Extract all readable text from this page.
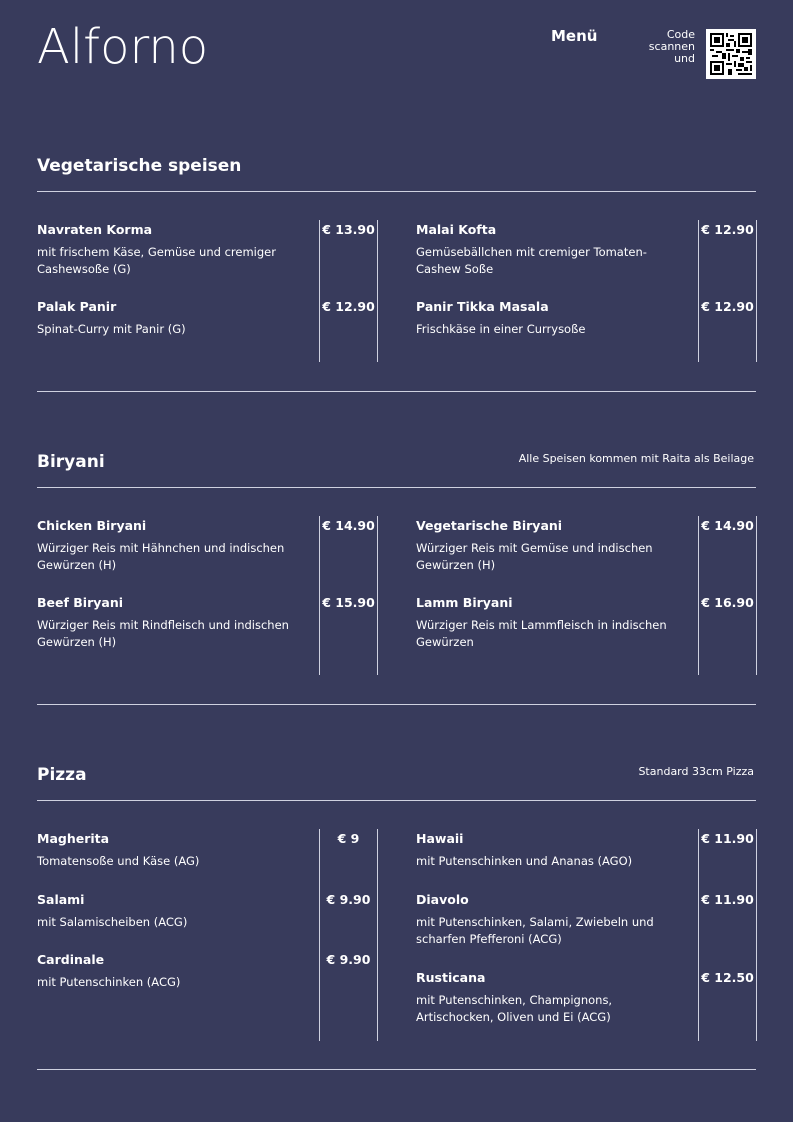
Alforno	Menü	Code
scannen
und
Vegetarische speisen
Navraten Korma	€ 13.90
mit frischem Käse, Gemüse und cremiger Cashewsoße (G)
Palak Panir	€ 12.90
Spinat-Curry mit Panir (G)
Malai Kofta	€ 12.90
Gemüsebällchen mit cremiger Tomaten-Cashew Soße
Panir Tikka Masala	€ 12.90
Frischkäse in einer Currysoße
Biryani	Alle Speisen kommen mit Raita als Beilage
Chicken Biryani	€ 14.90
Würziger Reis mit Hähnchen und indischen Gewürzen (H)
Beef Biryani	€ 15.90
Würziger Reis mit Rindfleisch und indischen Gewürzen (H)
Vegetarische Biryani	€ 14.90
Würziger Reis mit Gemüse und indischen Gewürzen (H)
Lamm Biryani	€ 16.90
Würziger Reis mit Lammfleisch in indischen Gewürzen
Pizza	Standard 33cm Pizza
Magherita	€ 9
Tomatensoße und Käse (AG)
Salami	€ 9.90
mit Salamischeiben (ACG)
Cardinale	€ 9.90
mit Putenschinken (ACG)
Hawaii	€ 11.90
mit Putenschinken und Ananas (AGO)
Diavolo	€ 11.90
mit Putenschinken, Salami, Zwiebeln und scharfen Pfefferoni (ACG)
Rusticana	€ 12.50
mit Putenschinken, Champignons, Artischocken, Oliven und Ei (ACG)
